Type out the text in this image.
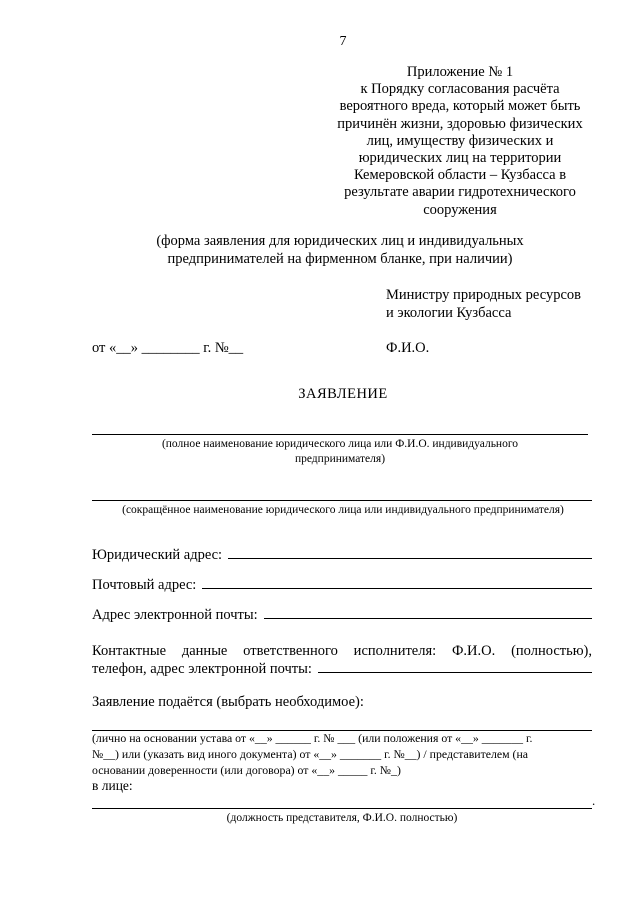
7
Приложение № 1
к Порядку согласования расчёта
вероятного вреда, который может быть
причинён жизни, здоровью физических
лиц, имуществу физических и
юридических лиц на территории
Кемеровской области – Кузбасса в
результате аварии гидротехнического
сооружения
(форма заявления для юридических лиц и индивидуальных
предпринимателей на фирменном бланке, при наличии)
Министру природных ресурсов
и экологии Кузбасса
от «__» ________ г. №__	Ф.И.О.
ЗАЯВЛЕНИЕ
(полное наименование юридического лица или Ф.И.О. индивидуального
предпринимателя)
(сокращённое наименование юридического лица или индивидуального предпринимателя)
Юридический адрес:
Почтовый адрес:
Адрес электронной почты:
Контактные данные ответственного исполнителя: Ф.И.О. (полностью),
телефон, адрес электронной почты:
Заявление подаётся (выбрать необходимое):
(лично на основании устава от «__» ______ г. № ___ (или положения от «__» _______ г.
№__) или (указать вид иного документа) от «__» _______ г. №__) / представителем (на
основании доверенности (или договора) от «__» _____ г. №_)
в лице:
.
(должность представителя, Ф.И.О. полностью)
